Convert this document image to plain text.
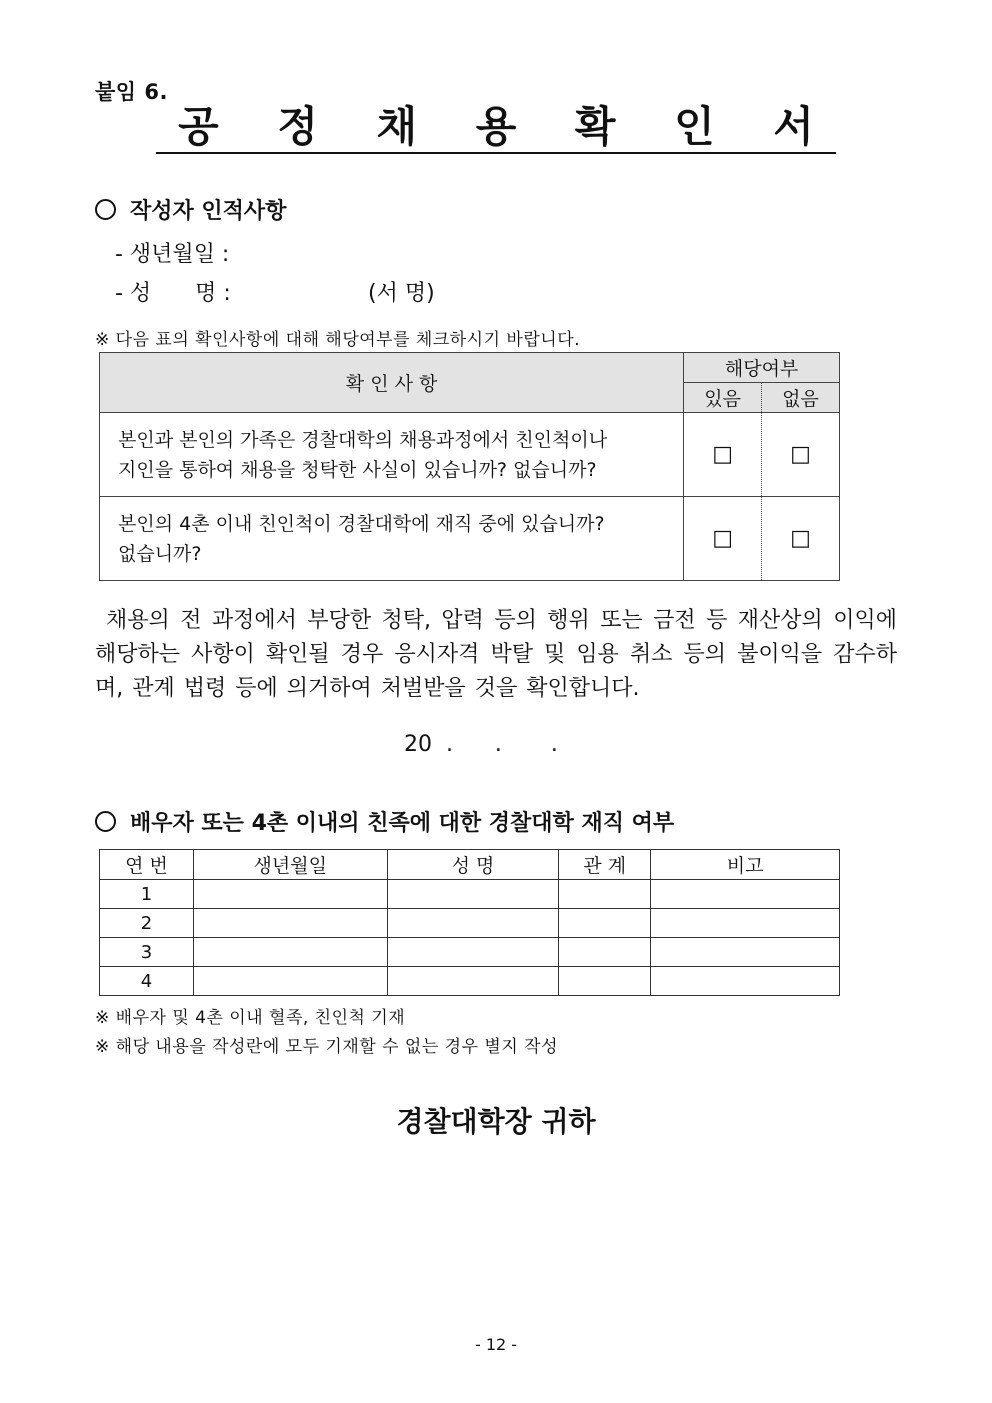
붙임 6.
공 정 채 용 확 인 서
작성자 인적사항
- 생년월일 :
- 성　　명 :	(서 명)
※ 다음 표의 확인사항에 대해 해당여부를 체크하시기 바랍니다.
확 인 사 항	해당여부	
	있음	없음

본인과 본인의 가족은 경찰대학의 채용과정에서 친인척이나
지인을 통하여 채용을 청탁한 사실이 있습니까? 없습니까?	□	□

본인의 4촌 이내 친인척이 경찰대학에 재직 중에 있습니까?
없습니까?	□	□
채용의 전 과정에서 부당한 청탁, 압력 등의 행위 또는 금전 등 재산상의 이익에 해당하는 사항이 확인될 경우 응시자격 박탈 및 임용 취소 등의 불이익을 감수하며, 관계 법령 등에 의거하여 처벌받을 것을 확인합니다.
20  .      .       .
배우자 또는 4촌 이내의 친족에 대한 경찰대학 재직 여부
연 번	생년월일	성 명	관 계	비고
1				
2				
3				
4				
※ 배우자 및 4촌 이내 혈족, 친인척 기재
※ 해당 내용을 작성란에 모두 기재할 수 없는 경우 별지 작성
경찰대학장 귀하
- 12 -
